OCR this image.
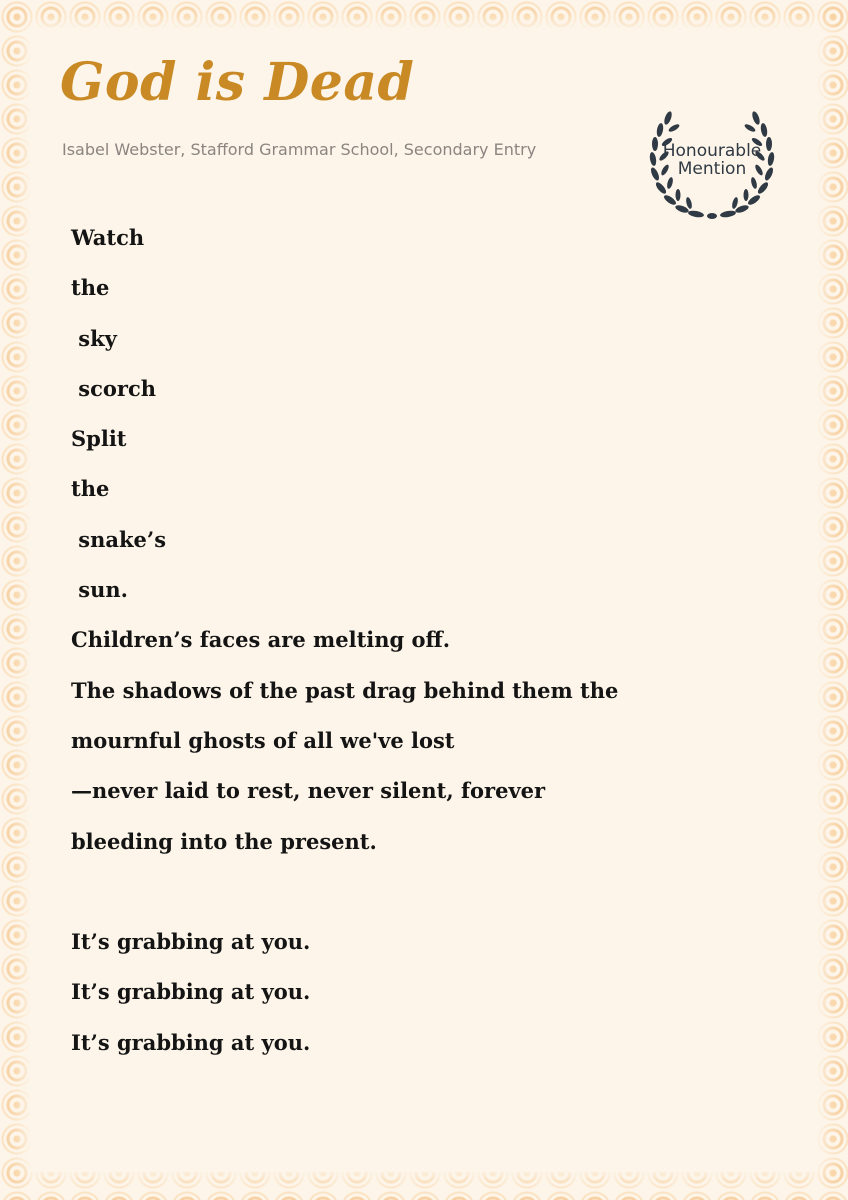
God is Dead
Isabel Webster, Stafford Grammar School, Secondary Entry	Honourable
Mention
Watch
the
sky
scorch
Split
the
snake’s
sun.
Children’s faces are melting off.
The shadows of the past drag behind them the
mournful ghosts of all we've lost
—never laid to rest, never silent, forever
bleeding into the present.
It’s grabbing at you.
It’s grabbing at you.
It’s grabbing at you.
